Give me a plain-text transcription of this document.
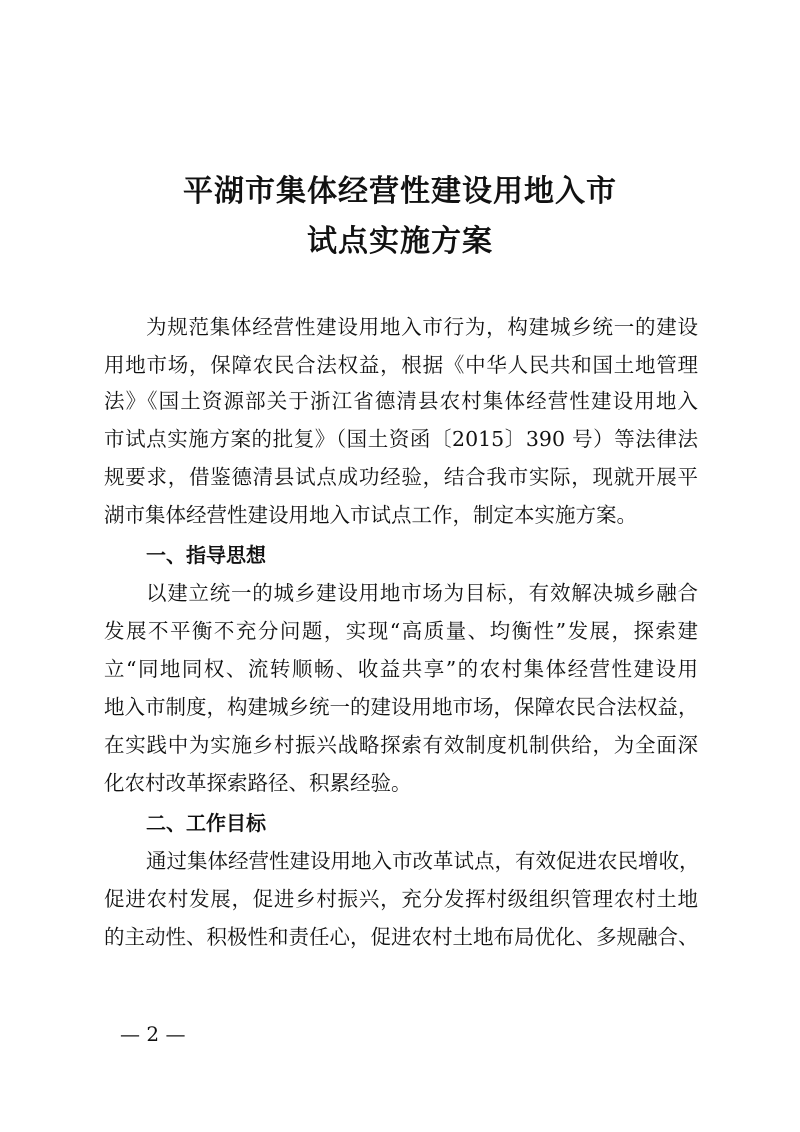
平湖市集体经营性建设用地入市
试点实施方案
为规范集体经营性建设用地入市行为，构建城乡统一的建设
用地市场，保障农民合法权益，根据《中华人民共和国土地管理
法》《国土资源部关于浙江省德清县农村集体经营性建设用地入
市试点实施方案的批复》（国土资函〔2015〕390 号）等法律法
规要求，借鉴德清县试点成功经验，结合我市实际，现就开展平
湖市集体经营性建设用地入市试点工作，制定本实施方案。
一、指导思想
以建立统一的城乡建设用地市场为目标，有效解决城乡融合
发展不平衡不充分问题，实现“高质量、均衡性”发展，探索建
立“同地同权、流转顺畅、收益共享”的农村集体经营性建设用
地入市制度，构建城乡统一的建设用地市场，保障农民合法权益，
在实践中为实施乡村振兴战略探索有效制度机制供给，为全面深
化农村改革探索路径、积累经验。
二、工作目标
通过集体经营性建设用地入市改革试点，有效促进农民增收，
促进农村发展，促进乡村振兴，充分发挥村级组织管理农村土地
的主动性、积极性和责任心，促进农村土地布局优化、多规融合、
— 2 —
